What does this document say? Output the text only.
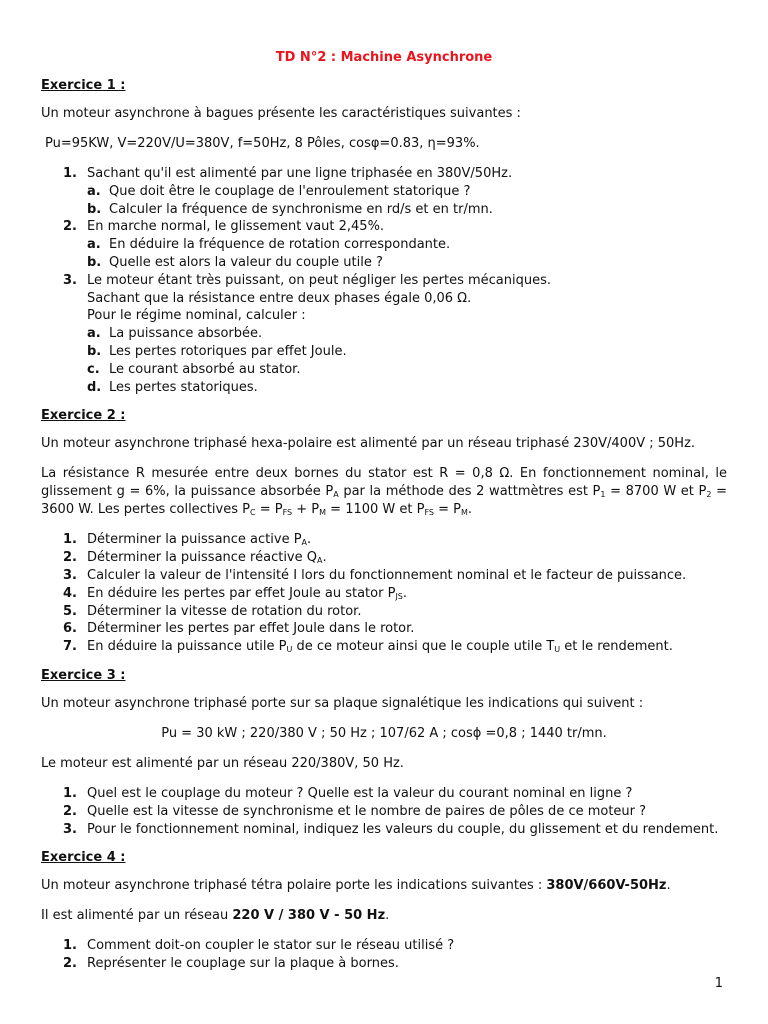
TD N°2 : Machine Asynchrone
Exercice 1 :

Un moteur asynchrone à bagues présente les caractéristiques suivantes :

Pu=95KW, V=220V/U=380V, f=50Hz, 8 Pôles, cosφ=0.83, η=93%.

1. Sachant qu'il est alimenté par une ligne triphasée en 380V/50Hz.
a. Que doit être le couplage de l'enroulement statorique ?
b. Calculer la fréquence de synchronisme en rd/s et en tr/mn.
2. En marche normal, le glissement vaut 2,45%.
a. En déduire la fréquence de rotation correspondante.
b. Quelle est alors la valeur du couple utile ?
3. Le moteur étant très puissant, on peut négliger les pertes mécaniques.
Sachant que la résistance entre deux phases égale 0,06 Ω.
Pour le régime nominal, calculer :
a. La puissance absorbée.
b. Les pertes rotoriques par effet Joule.
c. Le courant absorbé au stator.
d. Les pertes statoriques.
Exercice 2 :

Un moteur asynchrone triphasé hexa-polaire est alimenté par un réseau triphasé 230V/400V ; 50Hz.

La résistance R mesurée entre deux bornes du stator est R = 0,8 Ω. En fonctionnement nominal, le glissement g = 6%, la puissance absorbée $P_A$ par la méthode des 2 wattmètres est $P_1 = 8700$ W et $P_2 = 3600$ W. Les pertes collectives $P_C = P_{FS} + P_M = 1100$ W et $P_{FS} = P_M$.

1. Déterminer la puissance active $P_A$.
2. Déterminer la puissance réactive $Q_A$.
3. Calculer la valeur de l'intensité I lors du fonctionnement nominal et le facteur de puissance.
4. En déduire les pertes par effet Joule au stator $P_{JS}$.
5. Déterminer la vitesse de rotation du rotor.
6. Déterminer les pertes par effet Joule dans le rotor.
7. En déduire la puissance utile $P_U$ de ce moteur ainsi que le couple utile $T_U$ et le rendement.
Exercice 3 :

Un moteur asynchrone triphasé porte sur sa plaque signalétique les indications qui suivent :

Pu = 30 kW ; 220/380 V ; 50 Hz ; 107/62 A ; cosϕ =0,8 ; 1440 tr/mn.

Le moteur est alimenté par un réseau 220/380V, 50 Hz.

1. Quel est le couplage du moteur ? Quelle est la valeur du courant nominal en ligne ?
2. Quelle est la vitesse de synchronisme et le nombre de paires de pôles de ce moteur ?
3. Pour le fonctionnement nominal, indiquez les valeurs du couple, du glissement et du rendement.
Exercice 4 :

Un moteur asynchrone triphasé tétra polaire porte les indications suivantes : 380V/660V-50Hz.

Il est alimenté par un réseau 220 V / 380 V - 50 Hz.

1. Comment doit-on coupler le stator sur le réseau utilisé ?
2. Représenter le couplage sur la plaque à bornes.
1
